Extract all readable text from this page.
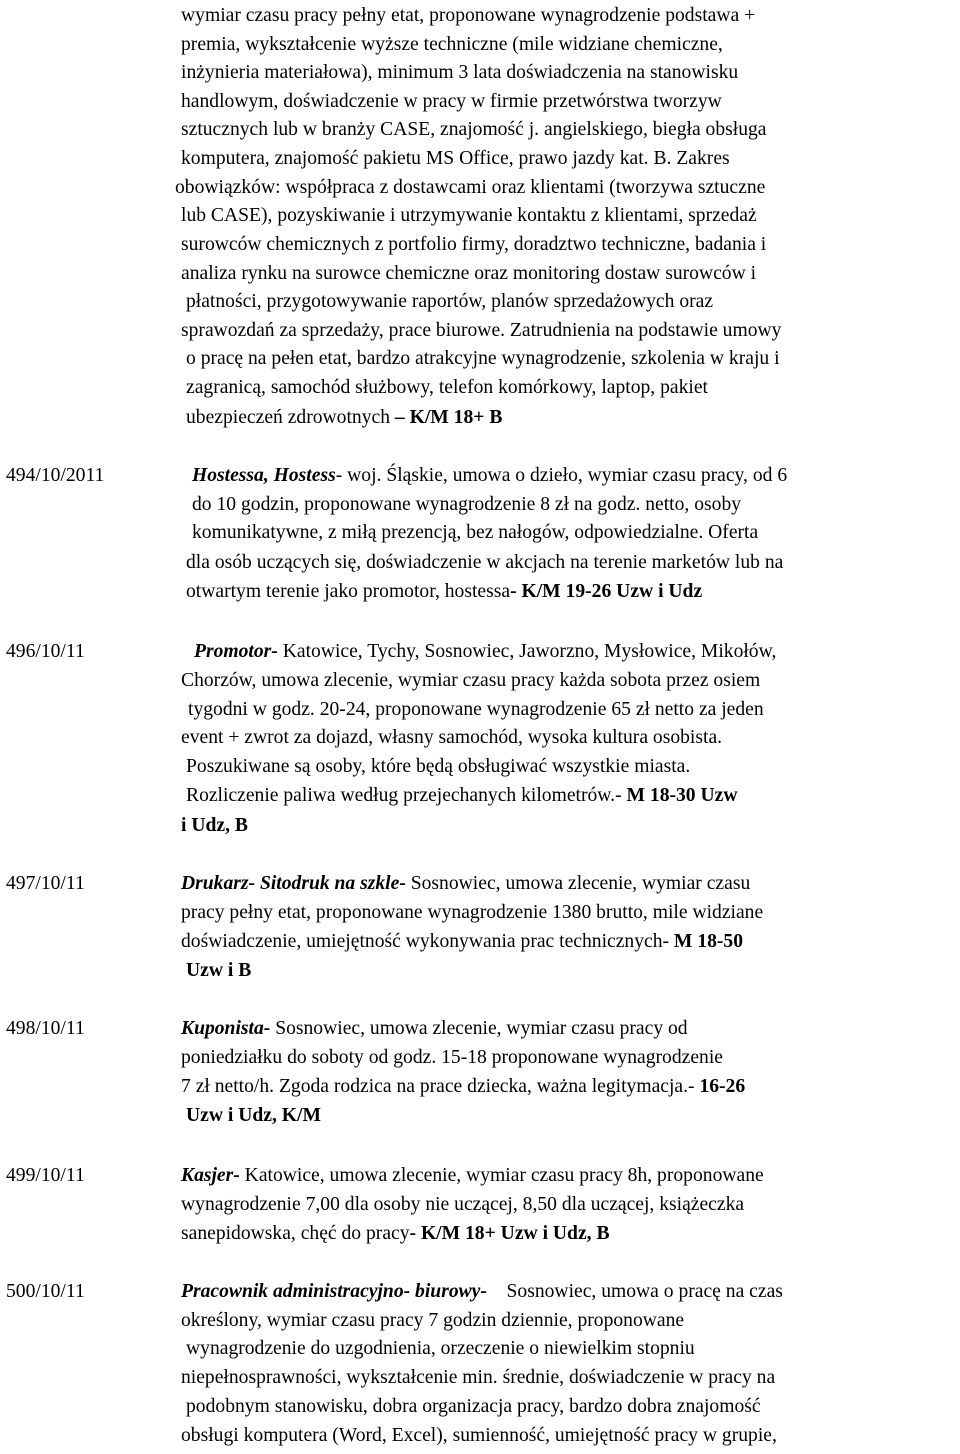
wymiar czasu pracy pełny etat, proponowane wynagrodzenie podstawa +
premia, wykształcenie wyższe techniczne (mile widziane chemiczne,
inżynieria materiałowa), minimum 3 lata doświadczenia na stanowisku
handlowym, doświadczenie w pracy w firmie przetwórstwa tworzyw
sztucznych lub w branży CASE, znajomość j. angielskiego, biegła obsługa
komputera, znajomość pakietu MS Office, prawo jazdy kat. B. Zakres
obowiązków: współpraca z dostawcami oraz klientami (tworzywa sztuczne
lub CASE), pozyskiwanie i utrzymywanie kontaktu z klientami, sprzedaż
surowców chemicznych z portfolio firmy, doradztwo techniczne, badania i
analiza rynku na surowce chemiczne oraz monitoring dostaw surowców i
płatności, przygotowywanie raportów, planów sprzedażowych oraz
sprawozdań za sprzedaży, prace biurowe. Zatrudnienia na podstawie umowy
o pracę na pełen etat, bardzo atrakcyjne wynagrodzenie, szkolenia w kraju i
zagranicą, samochód służbowy, telefon komórkowy, laptop, pakiet
ubezpieczeń zdrowotnych – K/M 18+ B
494/10/2011	Hostessa, Hostess- woj. Śląskie, umowa o dzieło, wymiar czasu pracy, od 6
do 10 godzin, proponowane wynagrodzenie 8 zł na godz. netto, osoby
komunikatywne, z miłą prezencją, bez nałogów, odpowiedzialne. Oferta
dla osób uczących się, doświadczenie w akcjach na terenie marketów lub na
otwartym terenie jako promotor, hostessa- K/M 19-26 Uzw i Udz
496/10/11	Promotor- Katowice, Tychy, Sosnowiec, Jaworzno, Mysłowice, Mikołów,
Chorzów, umowa zlecenie, wymiar czasu pracy każda sobota przez osiem
tygodni w godz. 20-24, proponowane wynagrodzenie 65 zł netto za jeden
event + zwrot za dojazd, własny samochód, wysoka kultura osobista.
Poszukiwane są osoby, które będą obsługiwać wszystkie miasta.
Rozliczenie paliwa według przejechanych kilometrów.- M 18-30 Uzw
i Udz, B
497/10/11	Drukarz- Sitodruk na szkle- Sosnowiec, umowa zlecenie, wymiar czasu
pracy pełny etat, proponowane wynagrodzenie 1380 brutto, mile widziane
doświadczenie, umiejętność wykonywania prac technicznych- M 18-50
Uzw i B
498/10/11	Kuponista- Sosnowiec, umowa zlecenie, wymiar czasu pracy od
poniedziałku do soboty od godz. 15-18 proponowane wynagrodzenie
7 zł netto/h. Zgoda rodzica na prace dziecka, ważna legitymacja.- 16-26
Uzw i Udz, K/M
499/10/11	Kasjer- Katowice, umowa zlecenie, wymiar czasu pracy 8h, proponowane
wynagrodzenie 7,00 dla osoby nie uczącej, 8,50 dla uczącej, książeczka
sanepidowska, chęć do pracy- K/M 18+ Uzw i Udz, B
500/10/11	Pracownik administracyjno- biurowy-    Sosnowiec, umowa o pracę na czas
określony, wymiar czasu pracy 7 godzin dziennie, proponowane
wynagrodzenie do uzgodnienia, orzeczenie o niewielkim stopniu
niepełnosprawności, wykształcenie min. średnie, doświadczenie w pracy na
podobnym stanowisku, dobra organizacja pracy, bardzo dobra znajomość
obsługi komputera (Word, Excel), sumienność, umiejętność pracy w grupie,
